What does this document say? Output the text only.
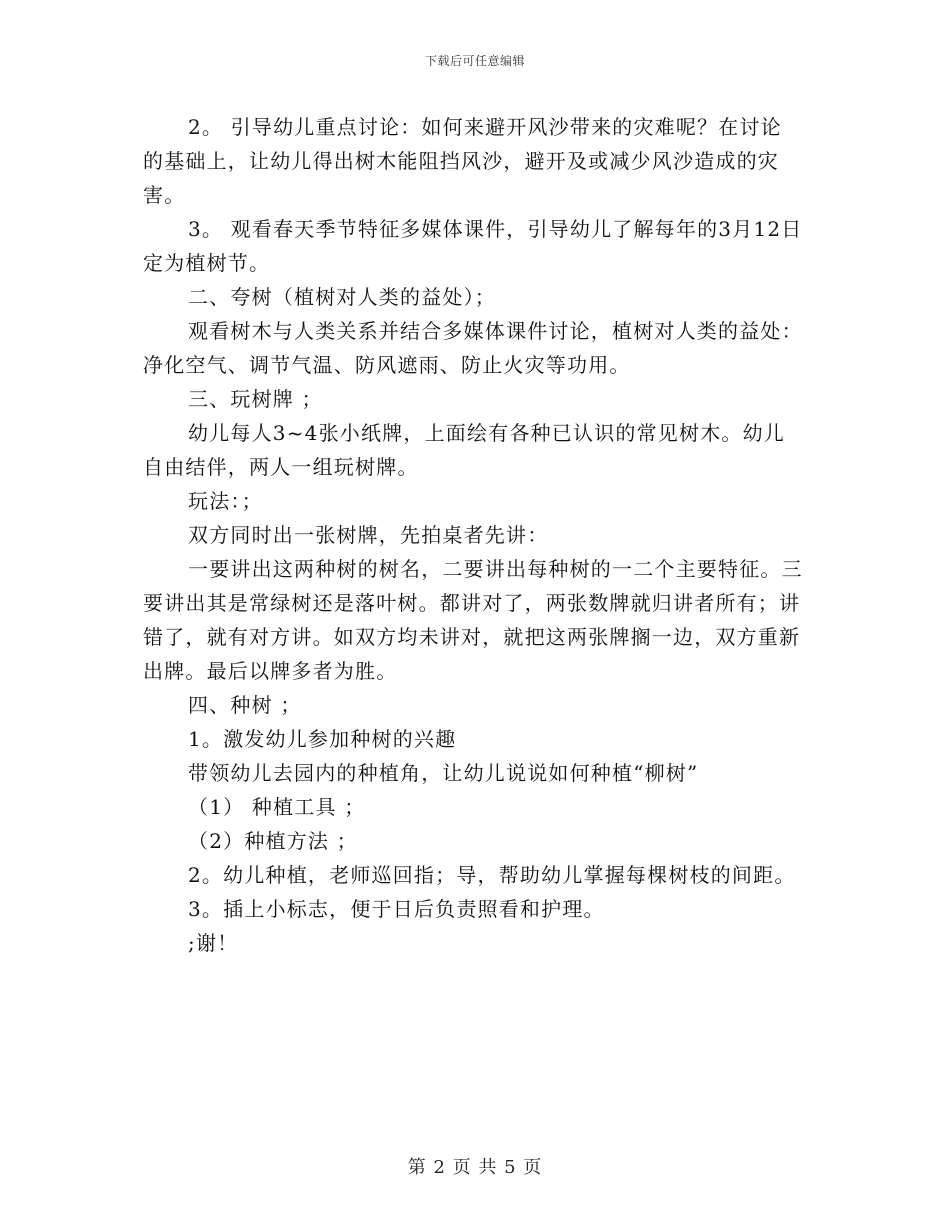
下载后可任意编辑

2。 引导幼儿重点讨论：如何来避开风沙带来的灾难呢？在讨论的基础上，让幼儿得出树木能阻挡风沙，避开及或减少风沙造成的灾害。

3。 观看春天季节特征多媒体课件，引导幼儿了解每年的3月12日定为植树节。

二、夸树（植树对人类的益处）；

观看树木与人类关系并结合多媒体课件讨论，植树对人类的益处：净化空气、调节气温、防风遮雨、防止火灾等功用。

三、玩树牌 ；

幼儿每人3~4张小纸牌，上面绘有各种已认识的常见树木。幼儿自由结伴，两人一组玩树牌。

玩法：；

双方同时出一张树牌，先拍桌者先讲：

一要讲出这两种树的树名，二要讲出每种树的一二个主要特征。三要讲出其是常绿树还是落叶树。都讲对了，两张数牌就归讲者所有；讲错了，就有对方讲。如双方均未讲对，就把这两张牌搁一边，双方重新出牌。最后以牌多者为胜。

四、种树 ；

1。激发幼儿参加种树的兴趣

带领幼儿去园内的种植角，让幼儿说说如何种植“柳树”

（1） 种植工具 ；

（2）种植方法 ；

2。幼儿种植，老师巡回指；导，帮助幼儿掌握每棵树枝的间距。

3。插上小标志，便于日后负责照看和护理。

;谢！

第 2 页 共 5 页
